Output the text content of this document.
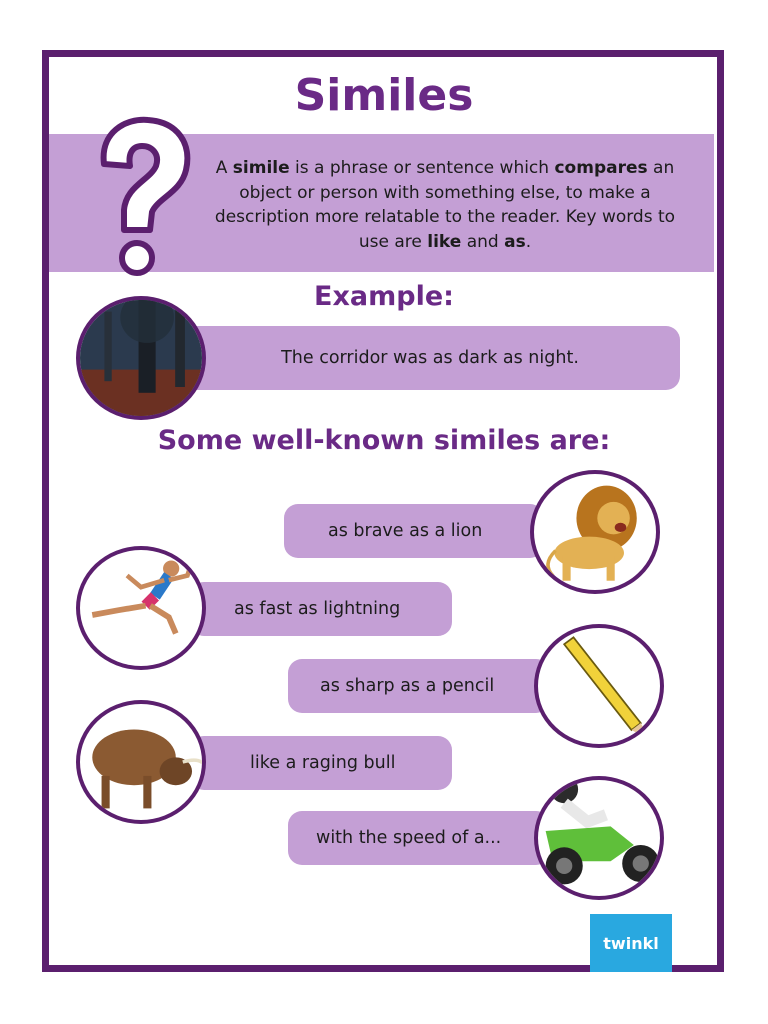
Similes
A simile is a phrase or sentence which compares an object or person with something else, to make a description more relatable to the reader. Key words to use are like and as.
Example:
The corridor was as dark as night.
Some well-known similes are:
as brave as a lion
as fast as lightning
as sharp as a pencil
like a raging bull
with the speed of a...
twinkl
